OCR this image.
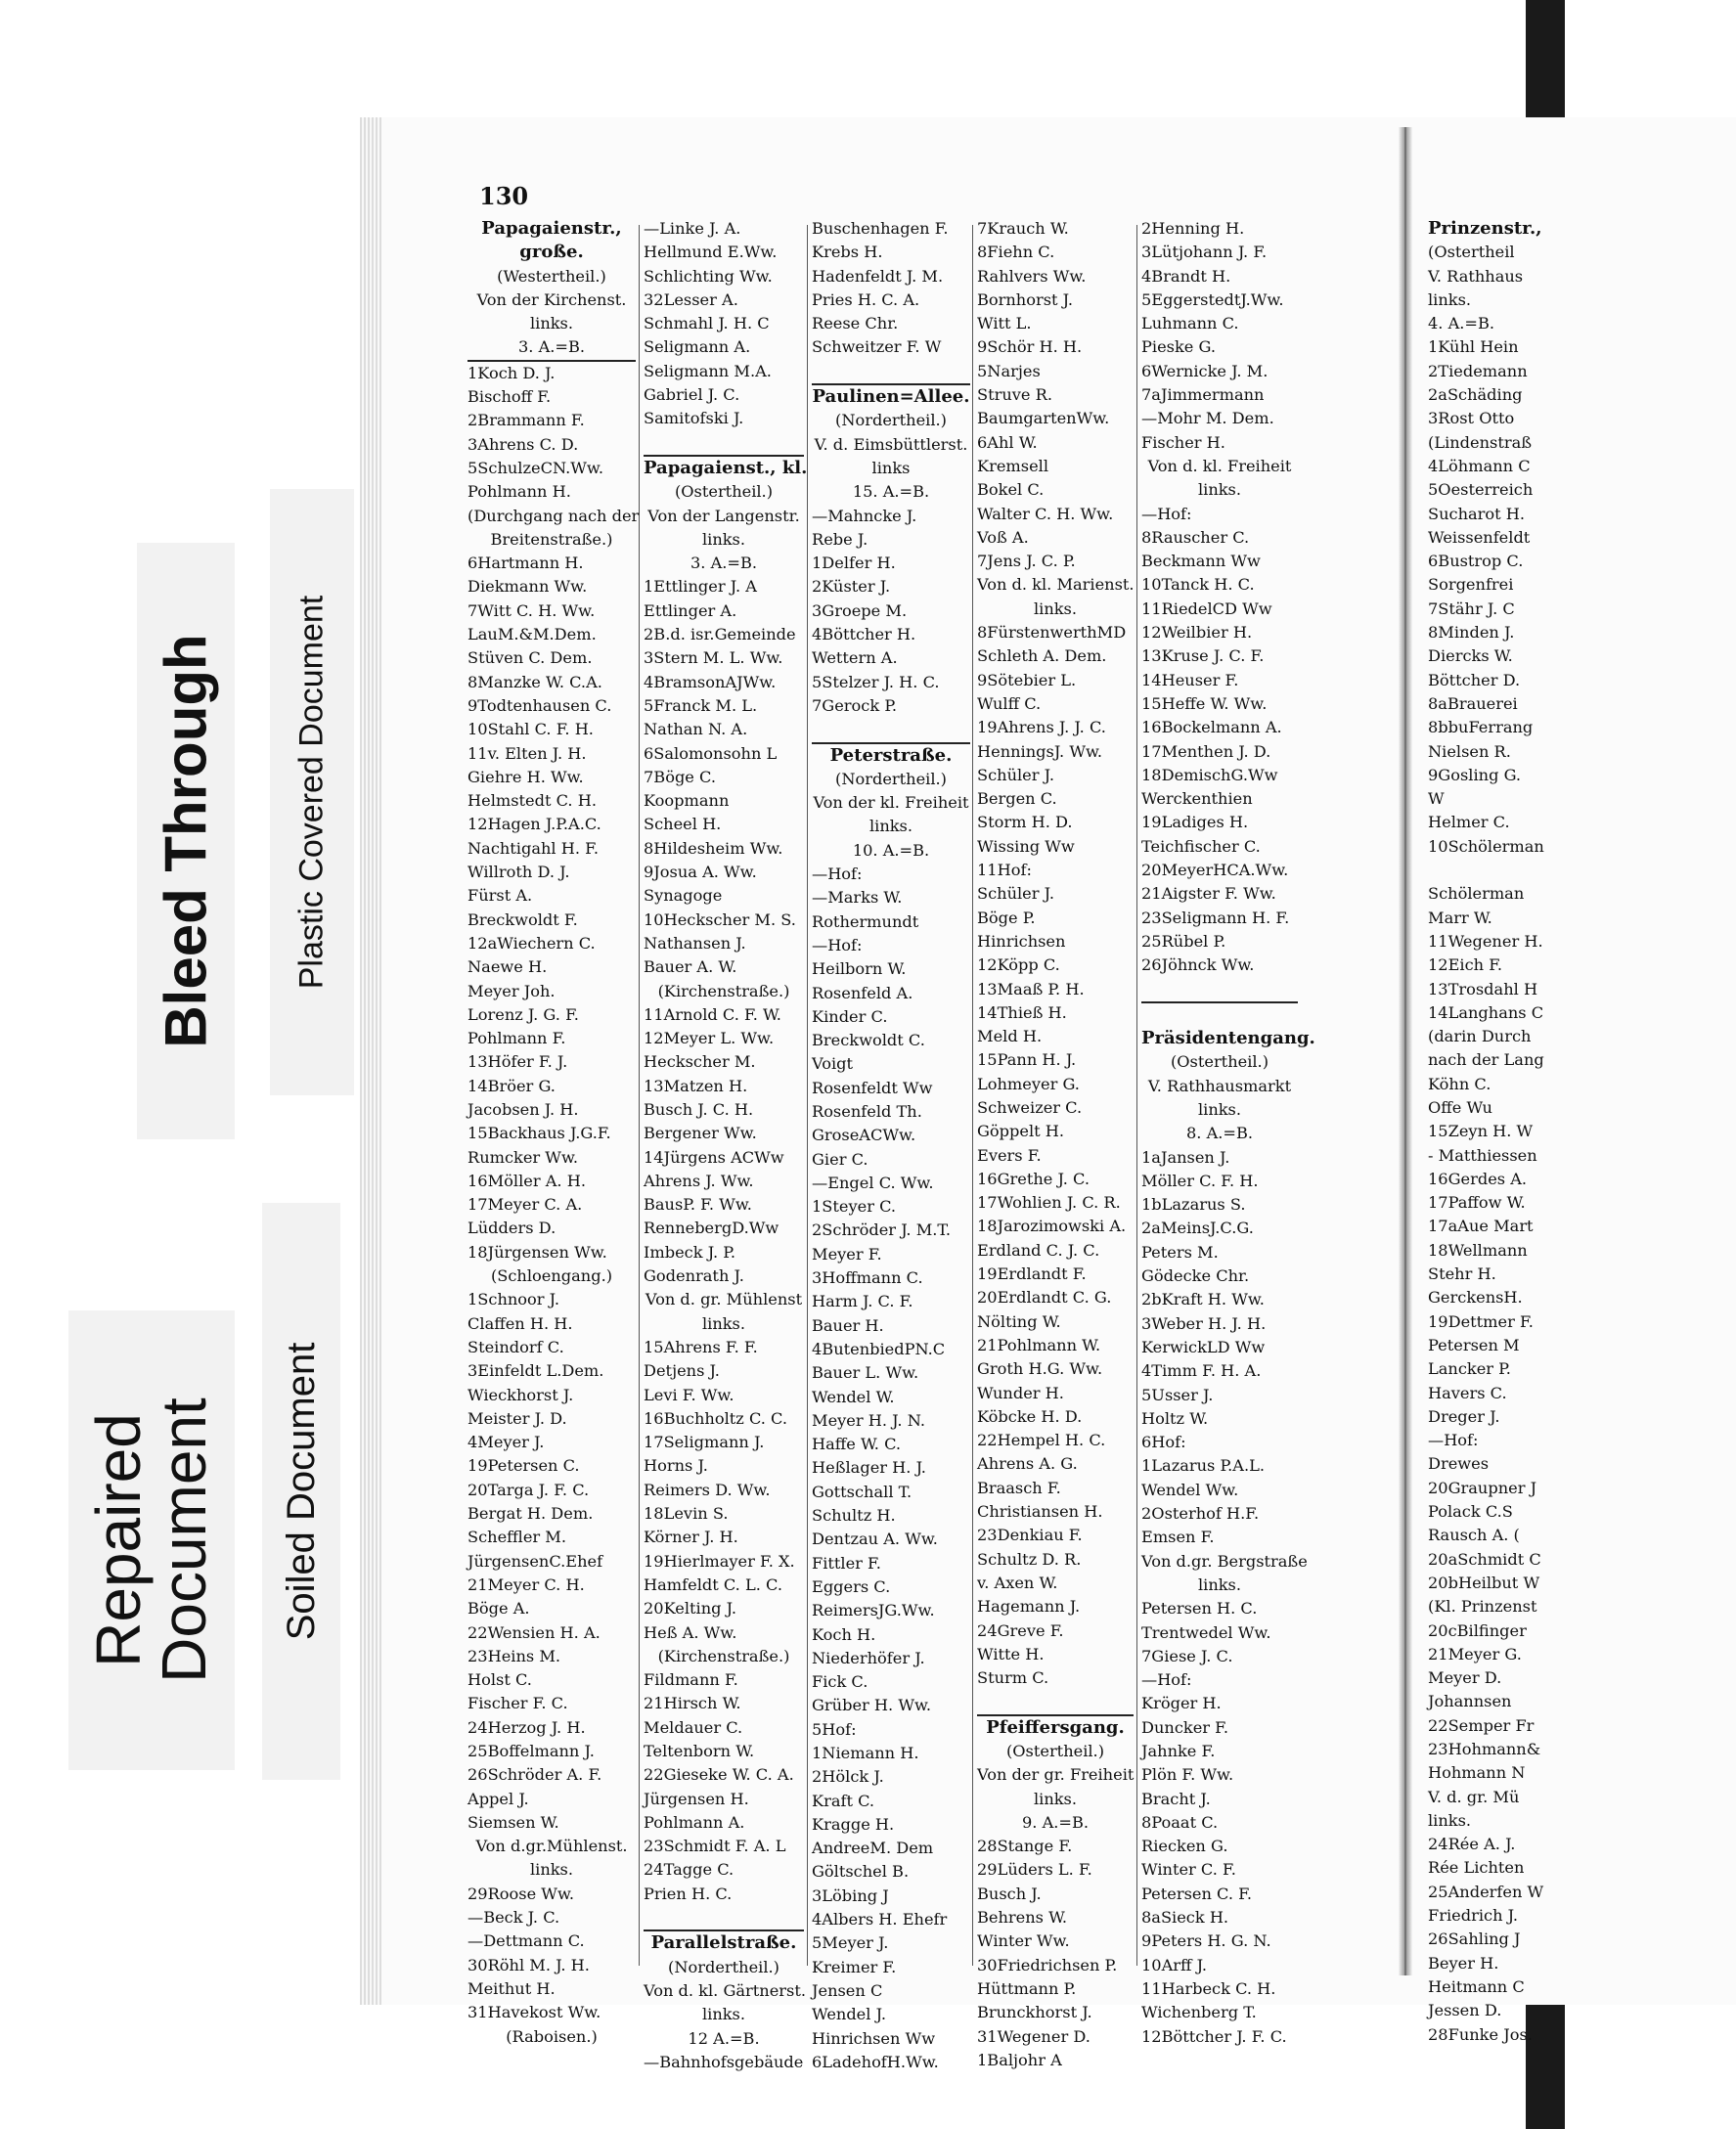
Repaired
Document Soiled Document
Bleed Through Plastic Covered Document
130
Papagaienstr.,
große.
(Westertheil.)
Von der Kirchenst.
links.
3. A.=B.
1Koch D. J.
Bischoff F.
2Brammann F.
3Ahrens C. D.
5SchulzeCN.Ww.
Pohlmann H.
(Durchgang nach der
Breitenstraße.)
6Hartmann H.
Diekmann Ww.
7Witt C. H. Ww.
LauM.&M.Dem.
Stüven C. Dem.
8Manzke W. C.A.
9Todtenhausen C.
10Stahl C. F. H.
11v. Elten J. H.
Giehre H. Ww.
Helmstedt C. H.
12Hagen J.P.A.C.
Nachtigahl H. F.
Willroth D. J.
Fürst A.
Breckwoldt F.
12aWiechern C.
Naewe H.
Meyer Joh.
Lorenz J. G. F.
Pohlmann F.
13Höfer F. J.
14Bröer G.
Jacobsen J. H.
15Backhaus J.G.F.
Rumcker Ww.
16Möller A. H.
17Meyer C. A.
Lüdders D.
18Jürgensen Ww.
(Schloengang.)
1Schnoor J.
Claffen H. H.
Steindorf C.
3Einfeldt L.Dem.
Wieckhorst J.
Meister J. D.
4Meyer J.
19Petersen C.
20Targa J. F. C.
Bergat H. Dem.
Scheffler M.
JürgensenC.Ehef
21Meyer C. H.
Böge A.
22Wensien H. A.
23Heins M.
Holst C.
Fischer F. C.
24Herzog J. H.
25Boffelmann J.
26Schröder A. F.
Appel J.
Siemsen W.
Von d.gr.Mühlenst.
links.
29Roose Ww.
—Beck J. C.
—Dettmann C.
30Röhl M. J. H.
Meithut H.
31Havekost Ww.
(Raboisen.)
—Linke J. A.
Hellmund E.Ww.
Schlichting Ww.
32Lesser A.
Schmahl J. H. C
Seligmann A.
Seligmann M.A.
Gabriel J. C.
Samitofski J.
Papagaienst., kl.
(Ostertheil.)
Von der Langenstr.
links.
3. A.=B.
1Ettlinger J. A
Ettlinger A.
2B.d. isr.Gemeinde
3Stern M. L. Ww.
4BramsonAJWw.
5Franck M. L.
Nathan N. A.
6Salomonsohn L
7Böge C.
Koopmann
Scheel H.
8Hildesheim Ww.
9Josua A. Ww.
Synagoge
10Heckscher M. S.
Nathansen J.
Bauer A. W.
(Kirchenstraße.)
11Arnold C. F. W.
12Meyer L. Ww.
Heckscher M.
13Matzen H.
Busch J. C. H.
Bergener Ww.
14Jürgens ACWw
Ahrens J. Ww.
BausP. F. Ww.
RennebergD.Ww
Imbeck J. P.
Godenrath J.
Von d. gr. Mühlenst
links.
15Ahrens F. F.
Detjens J.
Levi F. Ww.
16Buchholtz C. C.
17Seligmann J.
Horns J.
Reimers D. Ww.
18Levin S.
Körner J. H.
19Hierlmayer F. X.
Hamfeldt C. L. C.
20Kelting J.
Heß A. Ww.
(Kirchenstraße.)
Fildmann F.
21Hirsch W.
Meldauer C.
Teltenborn W.
22Gieseke W. C. A.
Jürgensen H.
Pohlmann A.
23Schmidt F. A. L
24Tagge C.
Prien H. C.
Parallelstraße.
(Nordertheil.)
Von d. kl. Gärtnerst.
links.
12 A.=B.
—Bahnhofsgebäude
Buschenhagen F.
Krebs H.
Hadenfeldt J. M.
Pries H. C. A.
Reese Chr.
Schweitzer F. W
Paulinen=Allee.
(Nordertheil.)
V. d. Eimsbüttlerst.
links
15. A.=B.
—Mahncke J.
Rebe J.
1Delfer H.
2Küster J.
3Groepe M.
4Böttcher H.
Wettern A.
5Stelzer J. H. C.
7Gerock P.
Peterstraße.
(Nordertheil.)
Von der kl. Freiheit
links.
10. A.=B.
—Hof:
—Marks W.
Rothermundt
—Hof:
Heilborn W.
Rosenfeld A.
Kinder C.
Breckwoldt C.
Voigt
Rosenfeldt Ww
Rosenfeld Th.
GroseACWw.
Gier C.
—Engel C. Ww.
1Steyer C.
2Schröder J. M.T.
Meyer F.
3Hoffmann C.
Harm J. C. F.
Bauer H.
4ButenbiedPN.C
Bauer L. Ww.
Wendel W.
Meyer H. J. N.
Haffe W. C.
Heßlager H. J.
Gottschall T.
Schultz H.
Dentzau A. Ww.
Fittler F.
Eggers C.
ReimersJG.Ww.
Koch H.
Niederhöfer J.
Fick C.
Grüber H. Ww.
5Hof:
1Niemann H.
2Hölck J.
Kraft C.
Kragge H.
AndreeM. Dem
Göltschel B.
3Löbing J
4Albers H. Ehefr
5Meyer J.
Kreimer F.
Jensen C
Wendel J.
Hinrichsen Ww
6LadehofH.Ww.
7Krauch W.
8Fiehn C.
Rahlvers Ww.
Bornhorst J.
Witt L.
9Schör H. H.
5Narjes
Struve R.
BaumgartenWw.
6Ahl W.
Kremsell
Bokel C.
Walter C. H. Ww.
Voß A.
7Jens J. C. P.
Von d. kl. Marienst.
links.
8FürstenwerthMD
Schleth A. Dem.
9Sötebier L.
Wulff C.
19Ahrens J. J. C.
HenningsJ. Ww.
Schüler J.
Bergen C.
Storm H. D.
Wissing Ww
11Hof:
Schüler J.
Böge P.
Hinrichsen
12Köpp C.
13Maaß P. H.
14Thieß H.
Meld H.
15Pann H. J.
Lohmeyer G.
Schweizer C.
Göppelt H.
Evers F.
16Grethe J. C.
17Wohlien J. C. R.
18Jarozimowski A.
Erdland C. J. C.
19Erdlandt F.
20Erdlandt C. G.
Nölting W.
21Pohlmann W.
Groth H.G. Ww.
Wunder H.
Köbcke H. D.
22Hempel H. C.
Ahrens A. G.
Braasch F.
Christiansen H.
23Denkiau F.
Schultz D. R.
v. Axen W.
Hagemann J.
24Greve F.
Witte H.
Sturm C.
Pfeiffersgang.
(Ostertheil.)
Von der gr. Freiheit
links.
9. A.=B.
28Stange F.
29Lüders L. F.
Busch J.
Behrens W.
Winter Ww.
30Friedrichsen P.
Hüttmann P.
Brunckhorst J.
31Wegener D.
1Baljohr A
2Henning H.
3Lütjohann J. F.
4Brandt H.
5EggerstedtJ.Ww.
Luhmann C.
Pieske G.
6Wernicke J. M.
7aJimmermann
—Mohr M. Dem.
Fischer H.
Von d. kl. Freiheit
links.
—Hof:
8Rauscher C.
Beckmann Ww
10Tanck H. C.
11RiedelCD Ww
12Weilbier H.
13Kruse J. C. F.
14Heuser F.
15Heffe W. Ww.
16Bockelmann A.
17Menthen J. D.
18DemischG.Ww
Werckenthien
19Ladiges H.
Teichfischer C.
20MeyerHCA.Ww.
21Aigster F. Ww.
23Seligmann H. F.
25Rübel P.
26Jöhnck Ww.
Präsidentengang.
(Ostertheil.)
V. Rathhausmarkt
links.
8. A.=B.
1aJansen J.
Möller C. F. H.
1bLazarus S.
2aMeinsJ.C.G.
Peters M.
Gödecke Chr.
2bKraft H. Ww.
3Weber H. J. H.
KerwickLD Ww
4Timm F. H. A.
5Usser J.
Holtz W.
6Hof:
1Lazarus P.A.L.
Wendel Ww.
2Osterhof H.F.
Emsen F.
Von d.gr. Bergstraße
links.
Petersen H. C.
Trentwedel Ww.
7Giese J. C.
—Hof:
Kröger H.
Duncker F.
Jahnke F.
Plön F. Ww.
Bracht J.
8Poaat C.
Riecken G.
Winter C. F.
Petersen C. F.
8aSieck H.
9Peters H. G. N.
10Arff J.
11Harbeck C. H.
Wichenberg T.
12Böttcher J. F. C.
Prinzenstr.,
(Ostertheil
V. Rathhaus
links.
4. A.=B.
1Kühl Hein
2Tiedemann
2aSchäding
3Rost Otto
(Lindenstraß
4Löhmann C
5Oesterreich
Sucharot H.
Weissenfeldt
6Bustrop C.
Sorgenfrei
7Stähr J. C
8Minden J.
Diercks W.
Böttcher D.
8aBrauerei
8bbuFerrang
Nielsen R.
9Gosling G.
W
Helmer C.
10Schölerman
Schölerman
Marr W.
11Wegener H.
12Eich F.
13Trosdahl H
14Langhans C
(darin Durch
nach der Lang
Köhn C.
Offe Wu
15Zeyn H. W
- Matthiessen
16Gerdes A.
17Paffow W.
17aAue Mart
18Wellmann
Stehr H.
GerckensH.
19Dettmer F.
Petersen M
Lancker P.
Havers C.
Dreger J.
—Hof:
Drewes
20Graupner J
Polack C.S
Rausch A. (
20aSchmidt C
20bHeilbut W
(Kl. Prinzenst
20cBilfinger
21Meyer G.
Meyer D.
Johannsen
22Semper Fr
23Hohmann&
Hohmann N
V. d. gr. Mü
links.
24Rée A. J.
Rée Lichten
25Anderfen W
Friedrich J.
26Sahling J
Beyer H.
Heitmann C
Jessen D.
28Funke Jos.
